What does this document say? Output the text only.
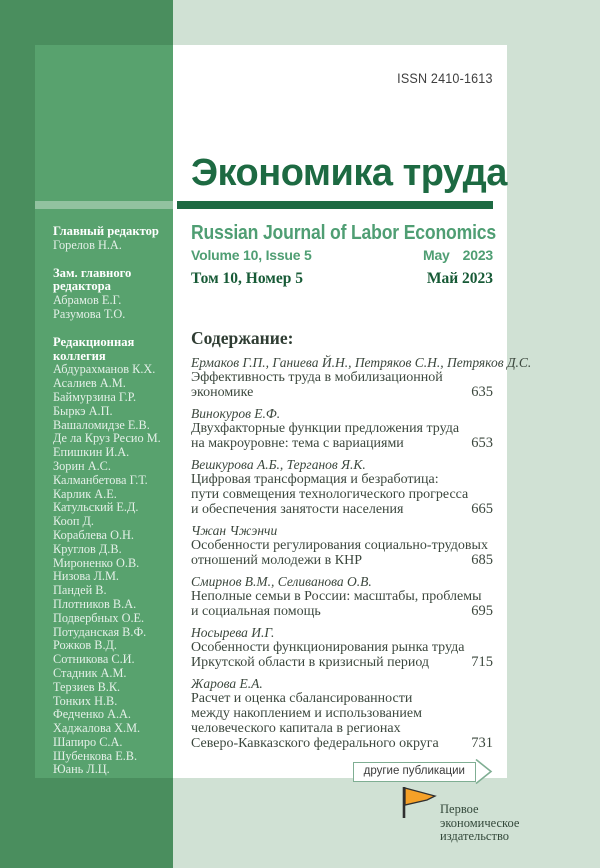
Главный редактор
Горелов Н.А.
Зам. главного
редактора
Абрамов Е.Г.
Разумова Т.О.
Редакционная
коллегия
Абдурахманов К.Х.
Асалиев А.М.
Баймурзина Г.Р.
Быркэ А.П.
Вашаломидзе Е.В.
Де ла Круз Ресио М.
Епишкин И.А.
Зорин А.С.
Калманбетова Г.Т.
Карлик А.Е.
Катульский Е.Д.
Кооп Д.
Кораблева О.Н.
Круглов Д.В.
Мироненко О.В.
Низова Л.М.
Пандей В.
Плотников В.А.
Подвербных О.Е.
Потуданская В.Ф.
Рожков В.Д.
Сотникова С.И.
Стадник А.М.
Терзиев В.К.
Тонких Н.В.
Федченко А.А.
Хаджалова Х.М.
Шапиро С.А.
Шубенкова Е.В.
Юань Л.Ц.
ISSN 2410-1613
Экономика труда
Russian Journal of Labor Economics
Volume 10, Issue 5	May 2023
Том 10, Номер 5	Май 2023
Содержание:
Ермаков Г.П., Ганиева Й.Н., Петряков С.Н., Петряков Д.С.
Эффективность труда в мобилизационной
экономике	635
Винокуров Е.Ф.
Двухфакторные функции предложения труда
на макроуровне: тема с вариациями	653
Вешкурова А.Б., Терганов Я.К.
Цифровая трансформация и безработица:
пути совмещения технологического прогресса
и обеспечения занятости населения	665
Чжан Чжэнчи
Особенности регулирования социально-трудовых
отношений молодежи в КНР	685
Смирнов В.М., Селиванова О.В.
Неполные семьи в России: масштабы, проблемы
и социальная помощь	695
Носырева И.Г.
Особенности функционирования рынка труда
Иркутской области в кризисный период	715
Жарова Е.А.
Расчет и оценка сбалансированности
между накоплением и использованием
человеческого капитала в регионах
Северо-Кавказского федерального округа	731
другие публикации
Первое
экономическое
издательство
